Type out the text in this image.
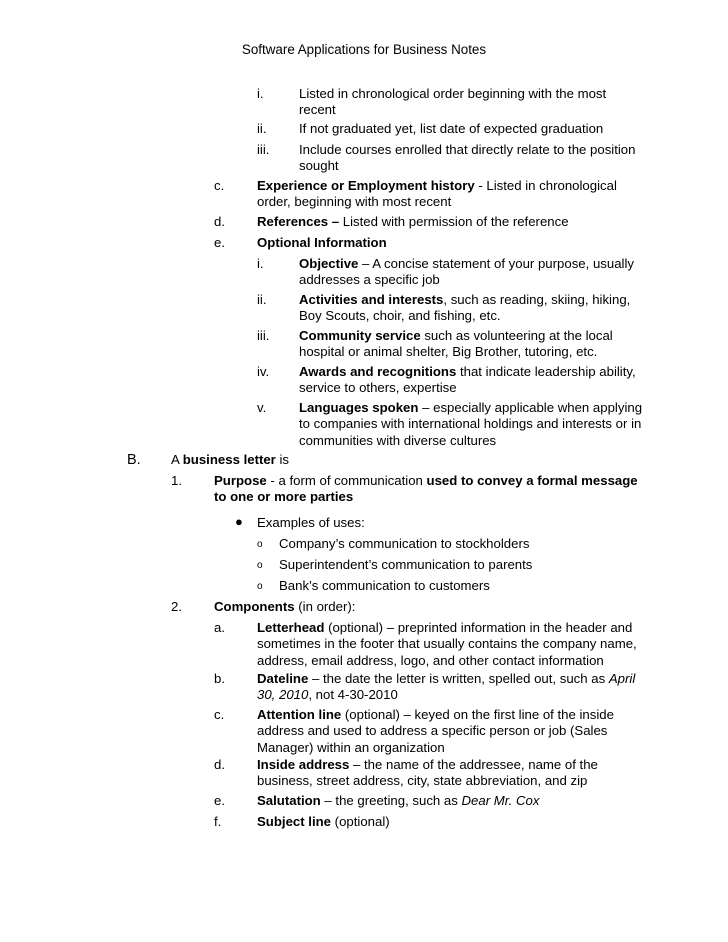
Software Applications for Business Notes
i.	Listed in chronological order beginning with the most recent
ii. If not graduated yet, list date of expected graduation
iii. Include courses enrolled that directly relate to the position sought
c. Experience or Employment history - Listed in chronological order, beginning with most recent
d. References – Listed with permission of the reference
e. Optional Information
i.	Objective – A concise statement of your purpose, usually addresses a specific job
ii. Activities and interests, such as reading, skiing, hiking, Boy Scouts, choir, and fishing, etc.
iii. Community service such as volunteering at the local hospital or animal shelter, Big Brother, tutoring, etc.
iv. Awards and recognitions that indicate leadership ability, service to others, expertise
v. Languages spoken – especially applicable when applying to companies with international holdings and interests or in communities with diverse cultures
B. A business letter is
1. Purpose - a form of communication used to convey a formal message to one or more parties
● Examples of uses:
o Company’s communication to stockholders
o Superintendent’s communication to parents
o Bank’s communication to customers
2. Components (in order):
a. Letterhead (optional) – preprinted information in the header and sometimes in the footer that usually contains the company name, address, email address, logo, and other contact information
b. Dateline – the date the letter is written, spelled out, such as April 30, 2010, not 4-30-2010
c. Attention line (optional) – keyed on the first line of the inside address and used to address a specific person or job (Sales Manager) within an organization
d. Inside address – the name of the addressee, name of the business, street address, city, state abbreviation, and zip
e. Salutation – the greeting, such as Dear Mr. Cox
f.	Subject line (optional)
